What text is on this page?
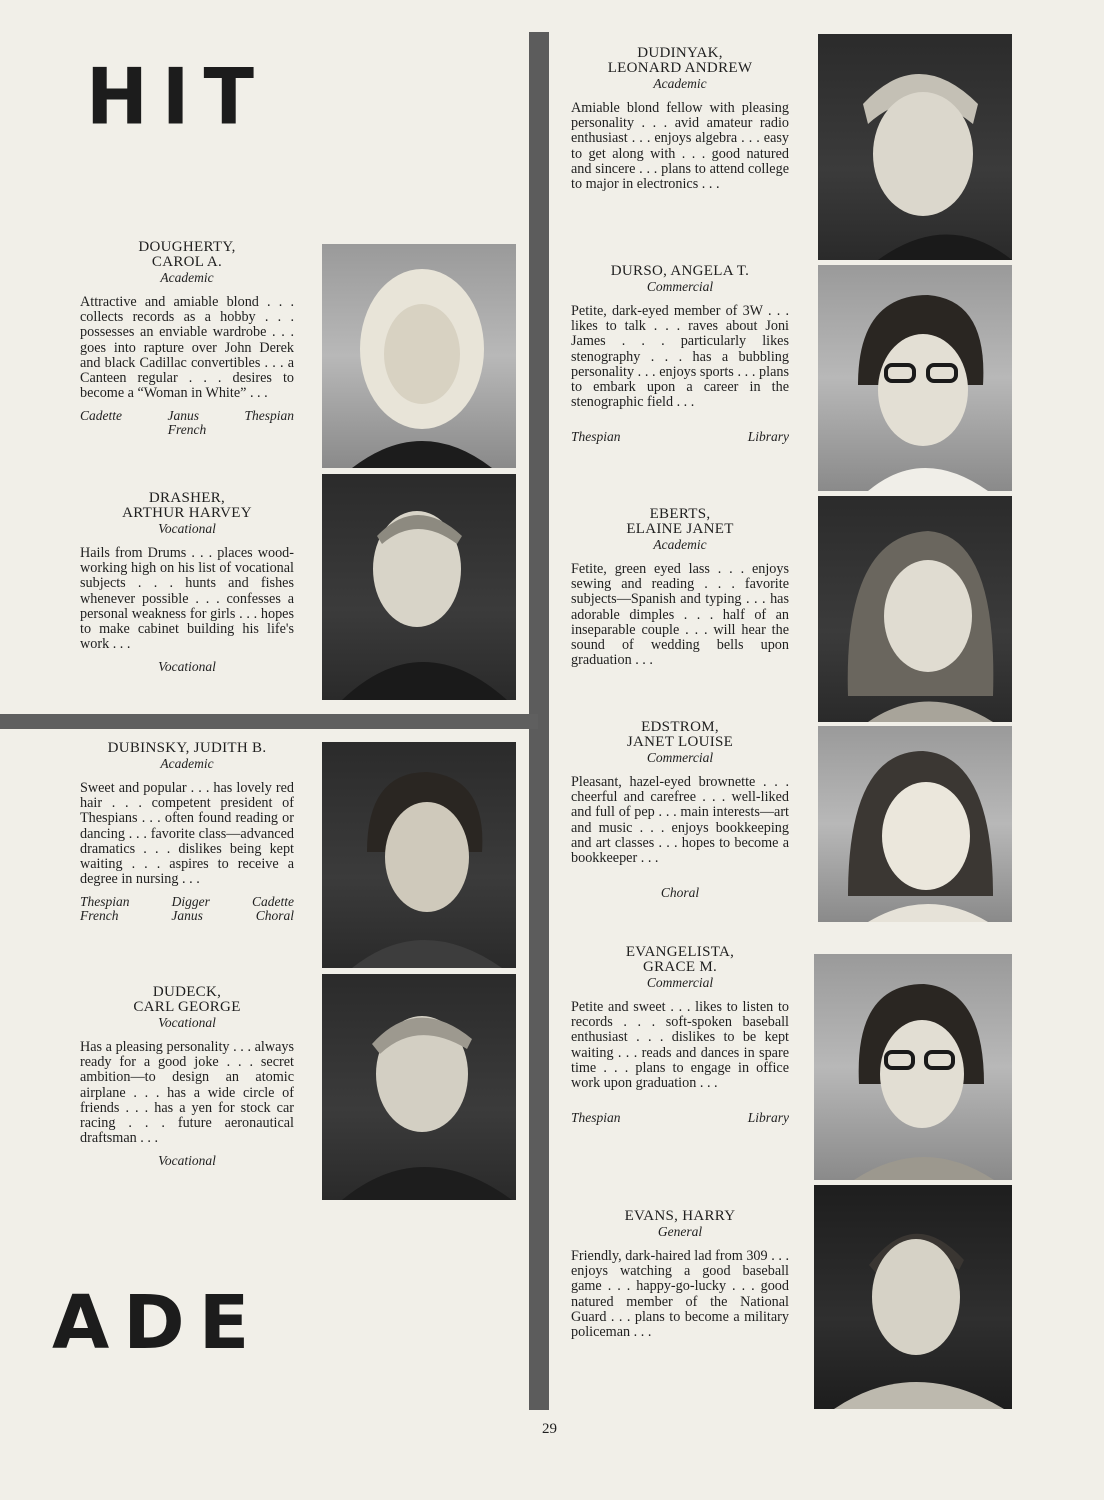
HIT
ADE
DOUGHERTY,
CAROL A.
Academic
Attractive and amiable blond . . . collects records as a hobby . . . possesses an enviable wardrobe . . . goes into rapture over John Derek and black Cadillac convertibles . . . a Canteen regular . . . desires to become a “Woman in White” . . .
Cadette	Janus	Thespian
French
DRASHER,
ARTHUR HARVEY
Vocational
Hails from Drums . . . places wood-working high on his list of vocational subjects . . . hunts and fishes whenever possible . . . confesses a personal weakness for girls . . . hopes to make cabinet building his life's work . . .
Vocational
DUBINSKY, JUDITH B.
Academic
Sweet and popular . . . has lovely red hair . . . competent president of Thespians . . . often found reading or dancing . . . favorite class—advanced dramatics . . . dislikes being kept waiting . . . aspires to receive a degree in nursing . . .
Thespian	Digger	Cadette
French	Janus	Choral
DUDECK,
CARL GEORGE
Vocational
Has a pleasing personality . . . always ready for a good joke . . . secret ambition—to design an atomic airplane . . . has a wide circle of friends . . . has a yen for stock car racing . . . future aeronautical draftsman . . .
Vocational
DUDINYAK,
LEONARD ANDREW
Academic
Amiable blond fellow with pleasing personality . . . avid amateur radio enthusiast . . . enjoys algebra . . . easy to get along with . . . good natured and sincere . . . plans to attend college to major in electronics . . .
DURSO, ANGELA T.
Commercial
Petite, dark-eyed member of 3W . . . likes to talk . . . raves about Joni James . . . particularly likes stenography . . . has a bubbling personality . . . enjoys sports . . . plans to embark upon a career in the stenographic field . . .
Thespian	Library
EBERTS,
ELAINE JANET
Academic
Fetite, green eyed lass . . . enjoys sewing and reading . . . favorite subjects—Spanish and typing . . . has adorable dimples . . . half of an inseparable couple . . . will hear the sound of wedding bells upon graduation . . .
EDSTROM,
JANET LOUISE
Commercial
Pleasant, hazel-eyed brownette . . . cheerful and carefree . . . well-liked and full of pep . . . main interests—art and music . . . enjoys bookkeeping and art classes . . . hopes to become a bookkeeper . . .
Choral
EVANGELISTA,
GRACE M.
Commercial
Petite and sweet . . . likes to listen to records . . . soft-spoken baseball enthusiast . . . dislikes to be kept waiting . . . reads and dances in spare time . . . plans to engage in office work upon graduation . . .
Thespian	Library
EVANS, HARRY
General
Friendly, dark-haired lad from 309 . . . enjoys watching a good baseball game . . . happy-go-lucky . . . good natured member of the National Guard . . . plans to become a military policeman . . .
29
